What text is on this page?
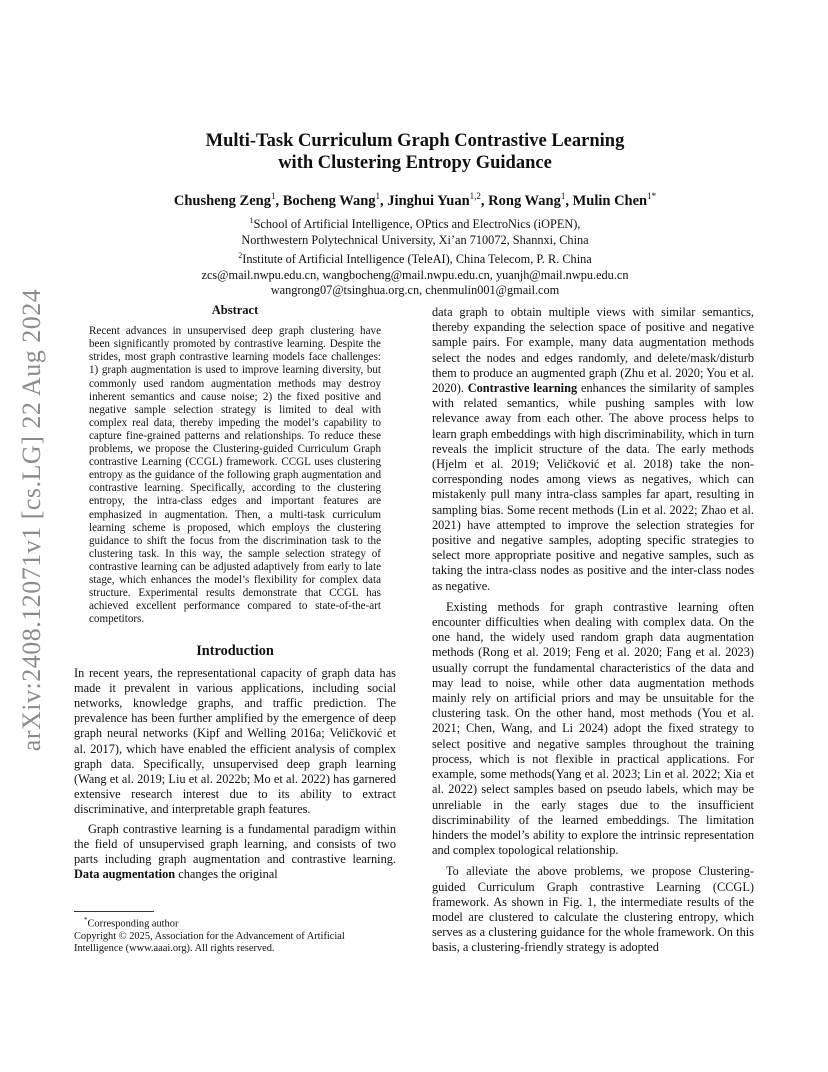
arXiv:2408.12071v1 [cs.LG] 22 Aug 2024
Multi-Task Curriculum Graph Contrastive Learning
with Clustering Entropy Guidance
Chusheng Zeng$^1$, Bocheng Wang$^1$, Jinghui Yuan$^{1,2}$, Rong Wang$^1$, Mulin Chen$^{1*}$
$^1$School of Artificial Intelligence, OPtics and ElectroNics (iOPEN),
Northwestern Polytechnical University, Xi’an 710072, Shannxi, China
$^2$Institute of Artificial Intelligence (TeleAI), China Telecom, P. R. China
zcs@mail.nwpu.edu.cn, wangbocheng@mail.nwpu.edu.cn, yuanjh@mail.nwpu.edu.cn
wangrong07@tsinghua.org.cn, chenmulin001@gmail.com
Abstract

Recent advances in unsupervised deep graph clustering have been significantly promoted by contrastive learning. Despite the strides, most graph contrastive learning models face challenges: 1) graph augmentation is used to improve learning diversity, but commonly used random augmentation methods may destroy inherent semantics and cause noise; 2) the fixed positive and negative sample selection strategy is limited to deal with complex real data, thereby impeding the model’s capability to capture fine-grained patterns and relationships. To reduce these problems, we propose the Clustering-guided Curriculum Graph contrastive Learning (CCGL) framework. CCGL uses clustering entropy as the guidance of the following graph augmentation and contrastive learning. Specifically, according to the clustering entropy, the intra-class edges and important features are emphasized in augmentation. Then, a multi-task curriculum learning scheme is proposed, which employs the clustering guidance to shift the focus from the discrimination task to the clustering task. In this way, the sample selection strategy of contrastive learning can be adjusted adaptively from early to late stage, which enhances the model’s flexibility for complex data structure. Experimental results demonstrate that CCGL has achieved excellent performance compared to state-of-the-art competitors.

Introduction

In recent years, the representational capacity of graph data has made it prevalent in various applications, including social networks, knowledge graphs, and traffic prediction. The prevalence has been further amplified by the emergence of deep graph neural networks (Kipf and Welling 2016a; Veličković et al. 2017), which have enabled the efficient analysis of complex graph data. Specifically, unsupervised deep graph learning (Wang et al. 2019; Liu et al. 2022b; Mo et al. 2022) has garnered extensive research interest due to its ability to extract discriminative, and interpretable graph features.

Graph contrastive learning is a fundamental paradigm within the field of unsupervised graph learning, and consists of two parts including graph augmentation and contrastive learning. Data augmentation changes the original

*Corresponding author
Copyright © 2025, Association for the Advancement of Artificial Intelligence (www.aaai.org). All rights reserved.

data graph to obtain multiple views with similar semantics, thereby expanding the selection space of positive and negative sample pairs. For example, many data augmentation methods select the nodes and edges randomly, and delete/mask/disturb them to produce an augmented graph (Zhu et al. 2020; You et al. 2020). Contrastive learning enhances the similarity of samples with related semantics, while pushing samples with low relevance away from each other. The above process helps to learn graph embeddings with high discriminability, which in turn reveals the implicit structure of the data. The early methods (Hjelm et al. 2019; Veličković et al. 2018) take the non-corresponding nodes among views as negatives, which can mistakenly pull many intra-class samples far apart, resulting in sampling bias. Some recent methods (Lin et al. 2022; Zhao et al. 2021) have attempted to improve the selection strategies for positive and negative samples, adopting specific strategies to select more appropriate positive and negative samples, such as taking the intra-class nodes as positive and the inter-class nodes as negative.

Existing methods for graph contrastive learning often encounter difficulties when dealing with complex data. On the one hand, the widely used random graph data augmentation methods (Rong et al. 2019; Feng et al. 2020; Fang et al. 2023) usually corrupt the fundamental characteristics of the data and may lead to noise, while other data augmentation methods mainly rely on artificial priors and may be unsuitable for the clustering task. On the other hand, most methods (You et al. 2021; Chen, Wang, and Li 2024) adopt the fixed strategy to select positive and negative samples throughout the training process, which is not flexible in practical applications. For example, some methods(Yang et al. 2023; Lin et al. 2022; Xia et al. 2022) select samples based on pseudo labels, which may be unreliable in the early stages due to the insufficient discriminability of the learned embeddings. The limitation hinders the model’s ability to explore the intrinsic representation and complex topological relationship.

To alleviate the above problems, we propose Clustering-guided Curriculum Graph contrastive Learning (CCGL) framework. As shown in Fig. 1, the intermediate results of the model are clustered to calculate the clustering entropy, which serves as a clustering guidance for the whole framework. On this basis, a clustering-friendly strategy is adopted
